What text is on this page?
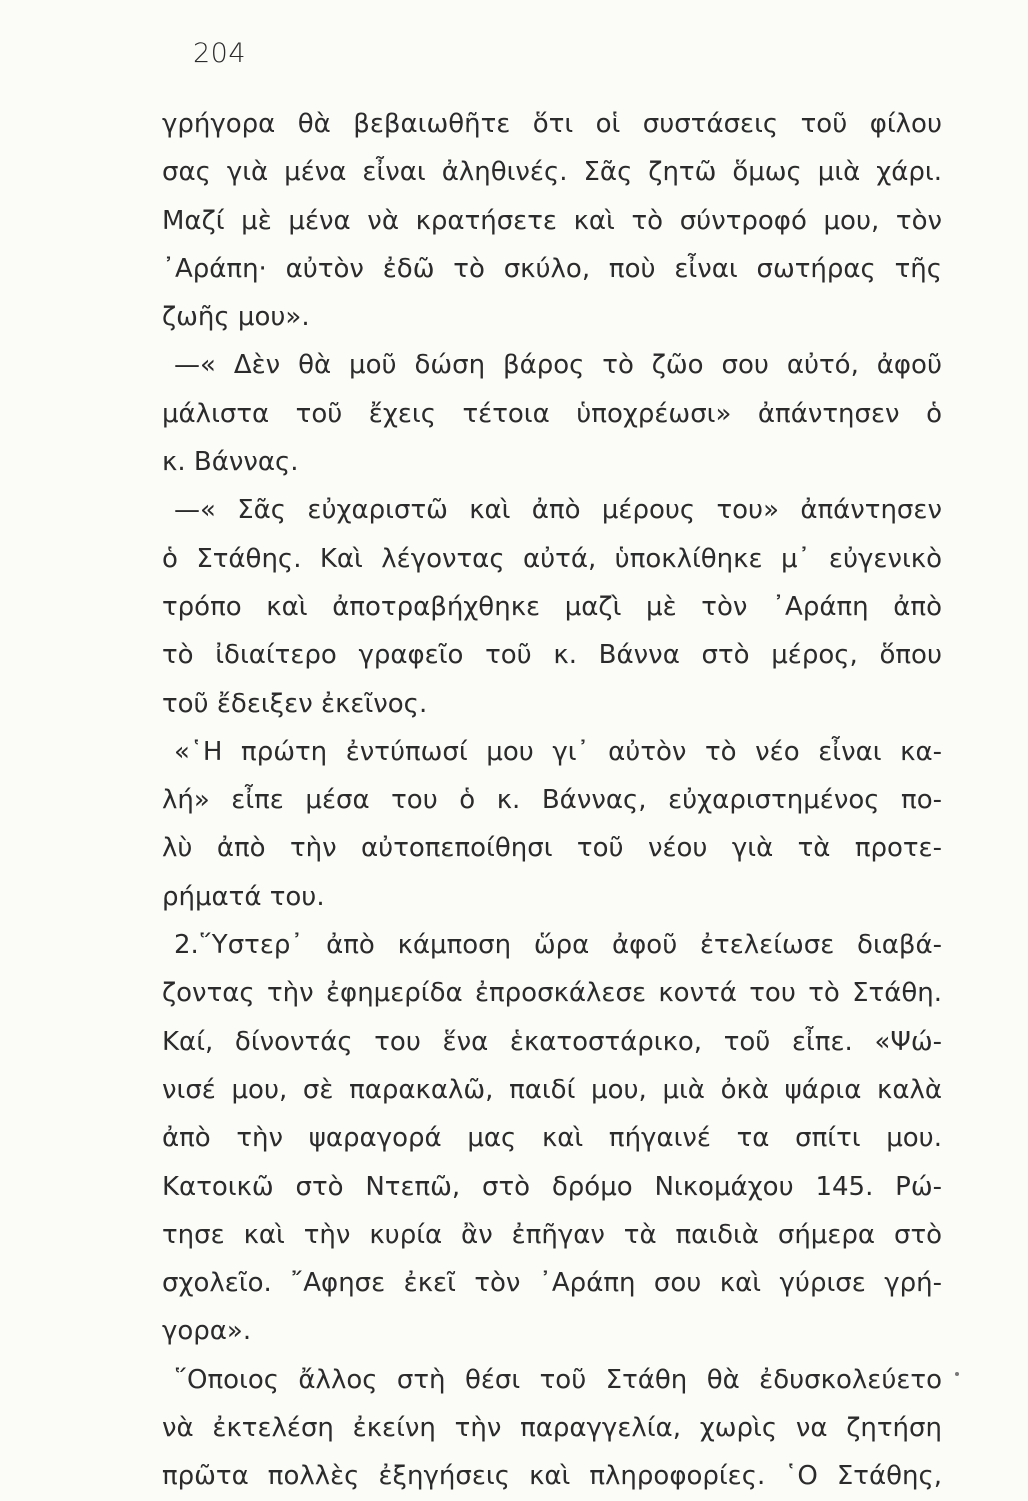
204
γρήγορα θὰ βεβαιωθῆτε ὅτι οἱ συστάσεις τοῦ φίλου
σας γιὰ μένα εἶναι ἀληθινές. Σᾶς ζητῶ ὅμως μιὰ χάρι.
Μαζί μὲ μένα νὰ κρατήσετε καὶ τὸ σύντροφό μου, τὸν
᾿Αράπη· αὐτὸν ἐδῶ τὸ σκύλο, ποὺ εἶναι σωτήρας τῆς
ζωῆς μου».
—« Δὲν θὰ μοῦ δώση βάρος τὸ ζῶο σου αὐτό, ἀφοῦ
μάλιστα τοῦ ἔχεις τέτοια ὑποχρέωσι» ἀπάντησεν ὁ
κ. Βάννας.
—« Σᾶς εὐχαριστῶ καὶ ἀπὸ μέρους του» ἀπάντησεν
ὁ Στάθης. Καὶ λέγοντας αὐτά, ὑποκλίθηκε μ᾿ εὐγενικὸ
τρόπο καὶ ἀποτραβήχθηκε μαζὶ μὲ τὸν ᾿Αράπη ἀπὸ
τὸ ἰδιαίτερο γραφεῖο τοῦ κ. Βάννα στὸ μέρος, ὅπου
τοῦ ἔδειξεν ἐκεῖνος.
«῾Η πρώτη ἐντύπωσί μου γι᾿ αὐτὸν τὸ νέο εἶναι κα-
λή» εἶπε μέσα του ὁ κ. Βάννας, εὐχαριστημένος πο-
λὺ ἀπὸ τὴν αὐτοπεποίθησι τοῦ νέου γιὰ τὰ προτε-
ρήματά του.
2.῞Υστερ᾿ ἀπὸ κάμποση ὥρα ἀφοῦ ἐτελείωσε διαβά-
ζοντας τὴν ἐφημερίδα ἐπροσκάλεσε κοντά του τὸ Στάθη.
Καί, δίνοντάς του ἕνα ἑκατοστάρικο, τοῦ εἶπε. «Ψώ-
νισέ μου, σὲ παρακαλῶ, παιδί μου, μιὰ ὀκὰ ψάρια καλὰ
ἀπὸ τὴν ψαραγορά μας καὶ πήγαινέ τα σπίτι μου.
Κατοικῶ στὸ Ντεπῶ, στὸ δρόμο Νικομάχου 145. Ρώ-
τησε καὶ τὴν κυρία ἂν ἐπῆγαν τὰ παιδιὰ σήμερα στὸ
σχολεῖο. ῎Αφησε ἐκεῖ τὸν ᾿Αράπη σου καὶ γύρισε γρή-
γορα».
῞Οποιος ἄλλος στὴ θέσι τοῦ Στάθη θὰ ἐδυσκολεύετο
νὰ ἐκτελέση ἐκείνη τὴν παραγγελία, χωρὶς να ζητήση
πρῶτα πολλὲς ἐξηγήσεις καὶ πληροφορίες. ῾Ο Στάθης,
